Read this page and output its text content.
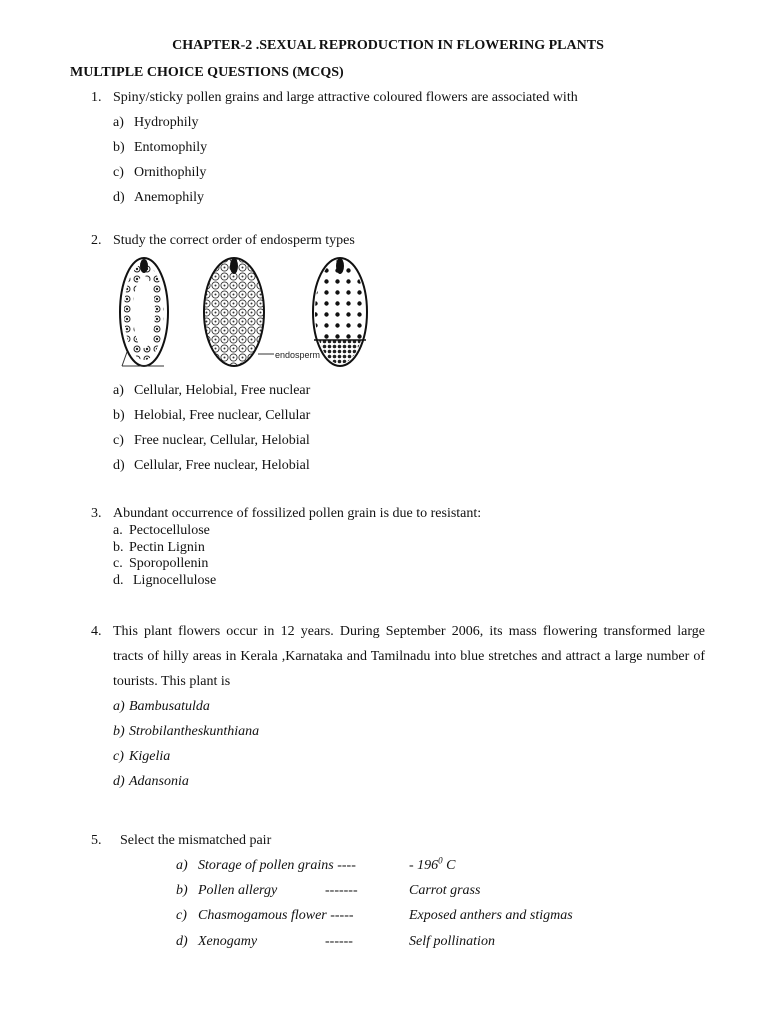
CHAPTER-2 .SEXUAL REPRODUCTION IN FLOWERING PLANTS
MULTIPLE CHOICE QUESTIONS (MCQS)
1. Spiny/sticky pollen grains and large attractive coloured flowers are associated with
a) Hydrophily
b) Entomophily
c) Ornithophily
d) Anemophily
2. Study the correct order of endosperm types
endosperm
a) Cellular, Helobial, Free nuclear
b) Helobial, Free nuclear, Cellular
c) Free nuclear, Cellular, Helobial
d) Cellular, Free nuclear, Helobial
3. Abundant occurrence of fossilized pollen grain is due to resistant:
a. Pectocellulose
b. Pectin Lignin
c. Sporopollenin
d. Lignocellulose
4. This plant flowers occur in 12 years. During September 2006, its mass flowering transformed large
tracts of hilly areas in Kerala ,Karnataka and Tamilnadu into blue stretches and attract a large number of
tourists. This plant is
a) Bambusatulda
b) Strobilantheskunthiana
c) Kigelia
d) Adansonia
5. Select the mismatched pair
a) Storage of pollen grains ----	- $196^0$ C
b) Pollen allergy	-------	Carrot grass
c) Chasmogamous flower -----	Exposed anthers and stigmas
d) Xenogamy	------	Self pollination
